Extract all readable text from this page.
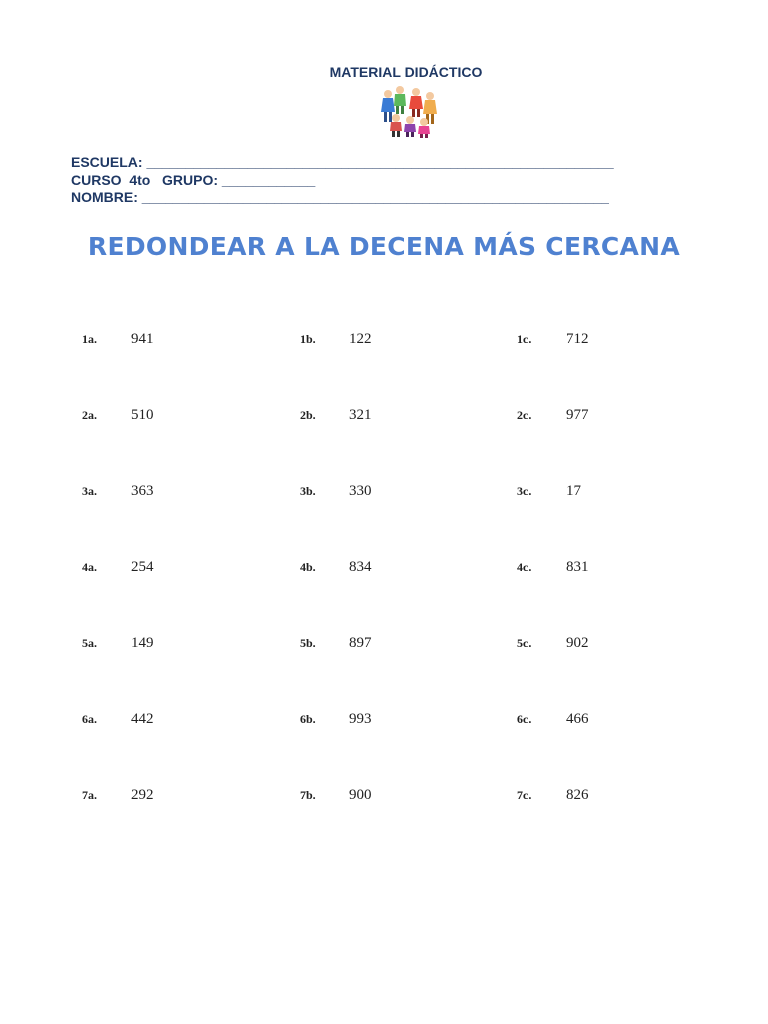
MATERIAL DIDÁCTICO
ESCUELA: ____________________________________________________________
CURSO  4to   GRUPO: ____________
NOMBRE: ____________________________________________________________
REDONDEAR A LA DECENA MÁS CERCANA
1a. 941	1b. 122	1c. 712
2a. 510	2b. 321	2c. 977
3a. 363	3b. 330	3c. 17
4a. 254	4b. 834	4c. 831
5a. 149	5b. 897	5c. 902
6a. 442	6b. 993	6c. 466
7a. 292	7b. 900	7c. 826
